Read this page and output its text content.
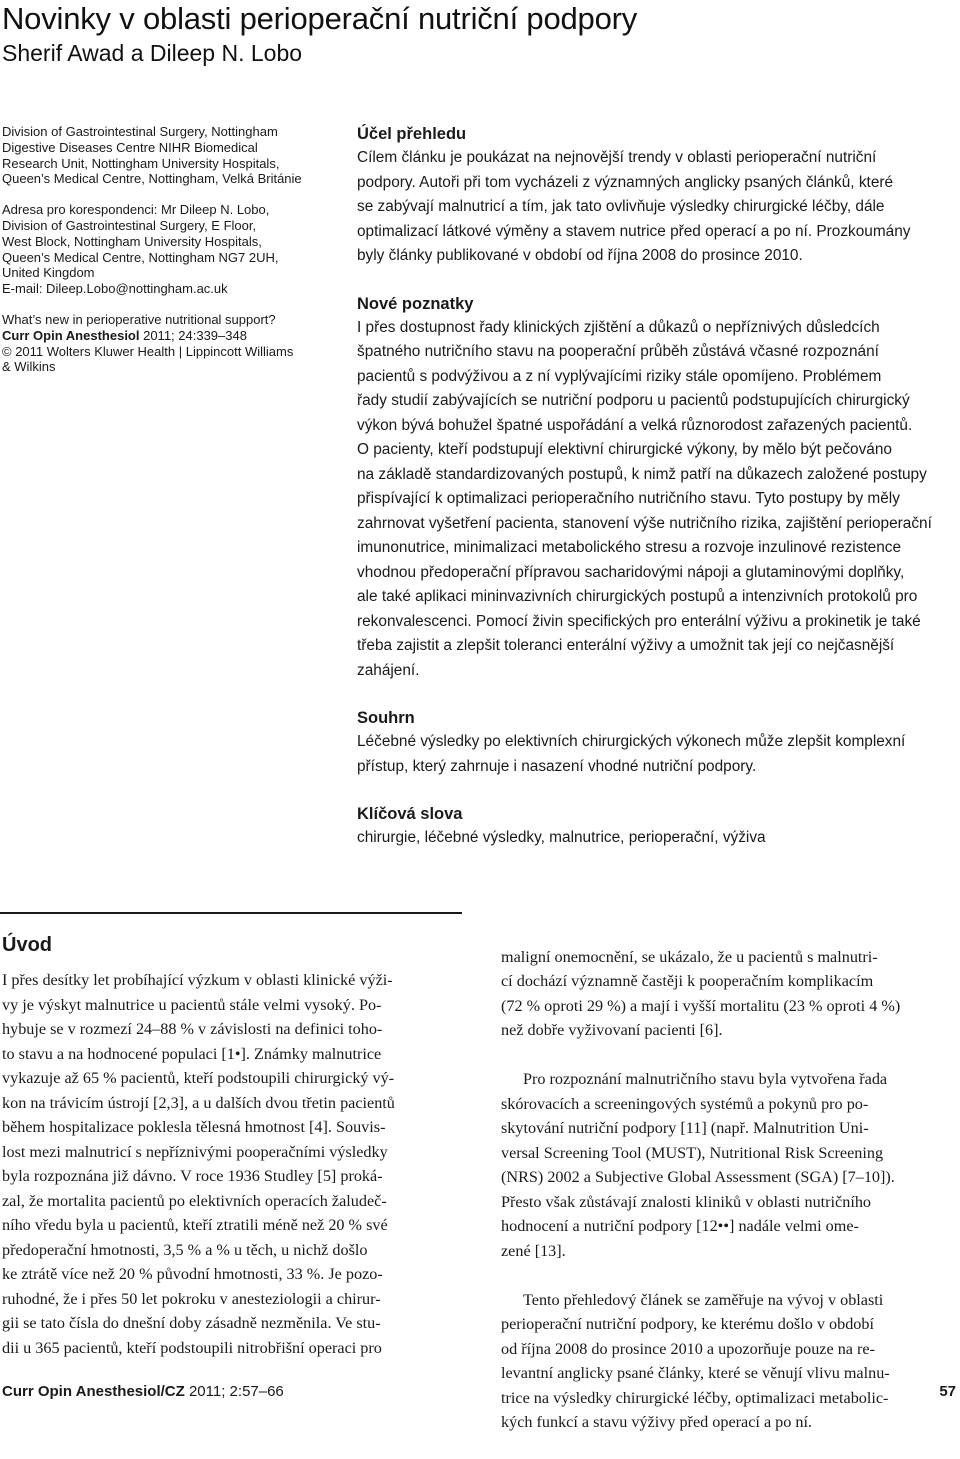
Novinky v oblasti perioperační nutriční podpory
Sherif Awad a Dileep N. Lobo
Division of Gastrointestinal Surgery, Nottingham
Digestive Diseases Centre NIHR Biomedical
Research Unit, Nottingham University Hospitals,
Queen’s Medical Centre, Nottingham, Velká Británie
Adresa pro korespondenci: Mr Dileep N. Lobo,
Division of Gastrointestinal Surgery, E Floor,
West Block, Nottingham University Hospitals,
Queen’s Medical Centre, Nottingham NG7 2UH,
United Kingdom
E-mail: Dileep.Lobo@nottingham.ac.uk
What’s new in perioperative nutritional support?
Curr Opin Anesthesiol 2011; 24:339–348
© 2011 Wolters Kluwer Health | Lippincott Williams
& Wilkins
Účel přehledu
Cílem článku je poukázat na nejnovější trendy v oblasti perioperační nutriční
podpory. Autoři při tom vycházeli z významných anglicky psaných článků, které
se zabývají malnutricí a tím, jak tato ovlivňuje výsledky chirurgické léčby, dále
optimalizací látkové výměny a stavem nutrice před operací a po ní. Prozkoumány
byly články publikované v období od října 2008 do prosince 2010.
Nové poznatky
I přes dostupnost řady klinických zjištění a důkazů o nepříznivých důsledcích
špatného nutričního stavu na pooperační průběh zůstává včasné rozpoznání
pacientů s podvýživou a z ní vyplývajícími riziky stále opomíjeno. Problémem
řady studií zabývajících se nutriční podporu u pacientů podstupujících chirurgický
výkon bývá bohužel špatné uspořádání a velká různorodost zařazených pacientů.
O pacienty, kteří podstupují elektivní chirurgické výkony, by mělo být pečováno
na základě standardizovaných postupů, k nimž patří na důkazech založené postupy
přispívající k optimalizaci perioperačního nutričního stavu. Tyto postupy by měly
zahrnovat vyšetření pacienta, stanovení výše nutričního rizika, zajištění perioperační
imunonutrice, minimalizaci metabolického stresu a rozvoje inzulinové rezistence
vhodnou předoperační přípravou sacharidovými nápoji a glutaminovými doplňky,
ale také aplikaci mininvazivních chirurgických postupů a intenzivních protokolů pro
rekonvalescenci. Pomocí živin specifických pro enterální výživu a prokinetik je také
třeba zajistit a zlepšit toleranci enterální výživy a umožnit tak její co nejčasnější
zahájení.
Souhrn
Léčebné výsledky po elektivních chirurgických výkonech může zlepšit komplexní
přístup, který zahrnuje i nasazení vhodné nutriční podpory.
Klíčová slova
chirurgie, léčebné výsledky, malnutrice, perioperační, výživa
Úvod
I přes desítky let probíhající výzkum v oblasti klinické výži-
vy je výskyt malnutrice u pacientů stále velmi vysoký. Po-
hybuje se v rozmezí 24–88 % v závislosti na definici toho-
to stavu a na hodnocené populaci [1•]. Známky malnutrice
vykazuje až 65 % pacientů, kteří podstoupili chirurgický vý-
kon na trávicím ústrojí [2,3], a u dalších dvou třetin pacientů
během hospitalizace poklesla tělesná hmotnost [4]. Souvis-
lost mezi malnutricí s nepříznivými pooperačními výsledky
byla rozpoznána již dávno. V roce 1936 Studley [5] proká-
zal, že mortalita pacientů po elektivních operacích žaludeč-
ního vředu byla u pacientů, kteří ztratili méně než 20 % své
předoperační hmotnosti, 3,5 % a % u těch, u nichž došlo
ke ztrátě více než 20 % původní hmotnosti, 33 %. Je pozo-
ruhodné, že i přes 50 let pokroku v anesteziologii a chirur-
gii se tato čísla do dnešní doby zásadně nezměnila. Ve stu-
dii u 365 pacientů, kteří podstoupili nitrobřišní operaci pro

maligní onemocnění, se ukázalo, že u pacientů s malnutri-
cí dochází významně častěji k pooperačním komplikacím
(72 % oproti 29 %) a mají i vyšší mortalitu (23 % oproti 4 %)
než dobře vyživovaní pacienti [6].

Pro rozpoznání malnutričního stavu byla vytvořena řada
skórovacích a screeningových systémů a pokynů pro po-
skytování nutriční podpory [11] (např. Malnutrition Uni-
versal Screening Tool (MUST), Nutritional Risk Screening
(NRS) 2002 a Subjective Global Assessment (SGA) [7–10]).
Přesto však zůstávají znalosti kliniků v oblasti nutričního
hodnocení a nutriční podpory [12••] nadále velmi ome-
zené [13].

Tento přehledový článek se zaměřuje na vývoj v oblasti
perioperační nutriční podpory, ke kterému došlo v období
od října 2008 do prosince 2010 a upozorňuje pouze na re-
levantní anglicky psané články, které se věnují vlivu malnu-
trice na výsledky chirurgické léčby, optimalizaci metabolic-
kých funkcí a stavu výživy před operací a po ní.

Curr Opin Anesthesiol/CZ 2011; 2:57–66	57
